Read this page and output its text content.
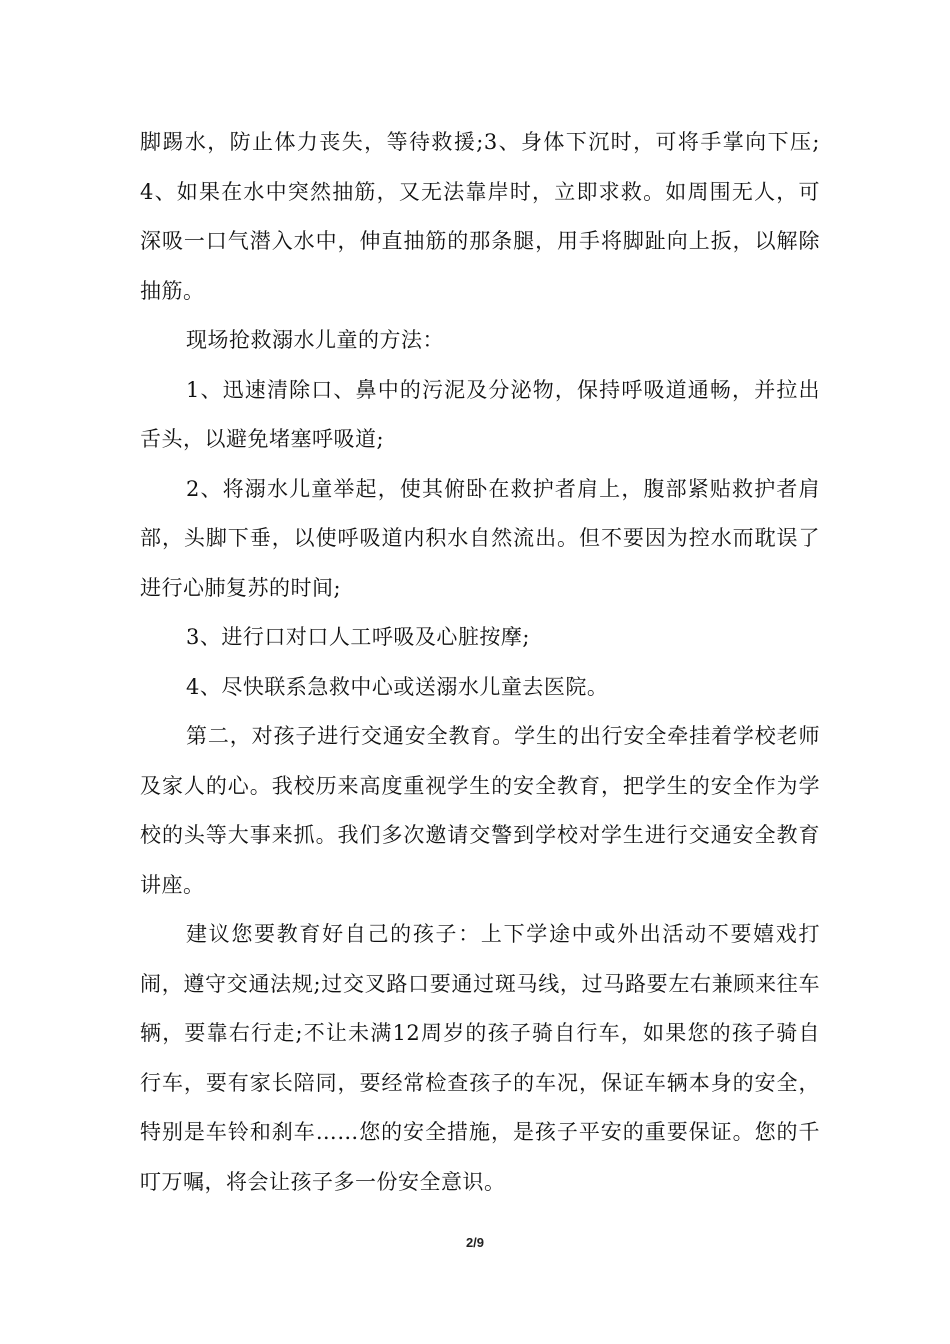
脚踢水，防止体力丧失，等待救援;3、身体下沉时，可将手掌向下压;4、如果在水中突然抽筋，又无法靠岸时，立即求救。如周围无人，可深吸一口气潜入水中，伸直抽筋的那条腿，用手将脚趾向上扳，以解除抽筋。

现场抢救溺水儿童的方法：

1、迅速清除口、鼻中的污泥及分泌物，保持呼吸道通畅，并拉出舌头，以避免堵塞呼吸道;

2、将溺水儿童举起，使其俯卧在救护者肩上，腹部紧贴救护者肩部，头脚下垂，以使呼吸道内积水自然流出。但不要因为控水而耽误了进行心肺复苏的时间;

3、进行口对口人工呼吸及心脏按摩;

4、尽快联系急救中心或送溺水儿童去医院。

第二，对孩子进行交通安全教育。学生的出行安全牵挂着学校老师及家人的心。我校历来高度重视学生的安全教育，把学生的安全作为学校的头等大事来抓。我们多次邀请交警到学校对学生进行交通安全教育讲座。

建议您要教育好自己的孩子：上下学途中或外出活动不要嬉戏打闹，遵守交通法规;过交叉路口要通过斑马线，过马路要左右兼顾来往车辆，要靠右行走;不让未满12周岁的孩子骑自行车，如果您的孩子骑自行车，要有家长陪同，要经常检查孩子的车况，保证车辆本身的安全，特别是车铃和刹车……您的安全措施，是孩子平安的重要保证。您的千叮万嘱，将会让孩子多一份安全意识。

2/9
